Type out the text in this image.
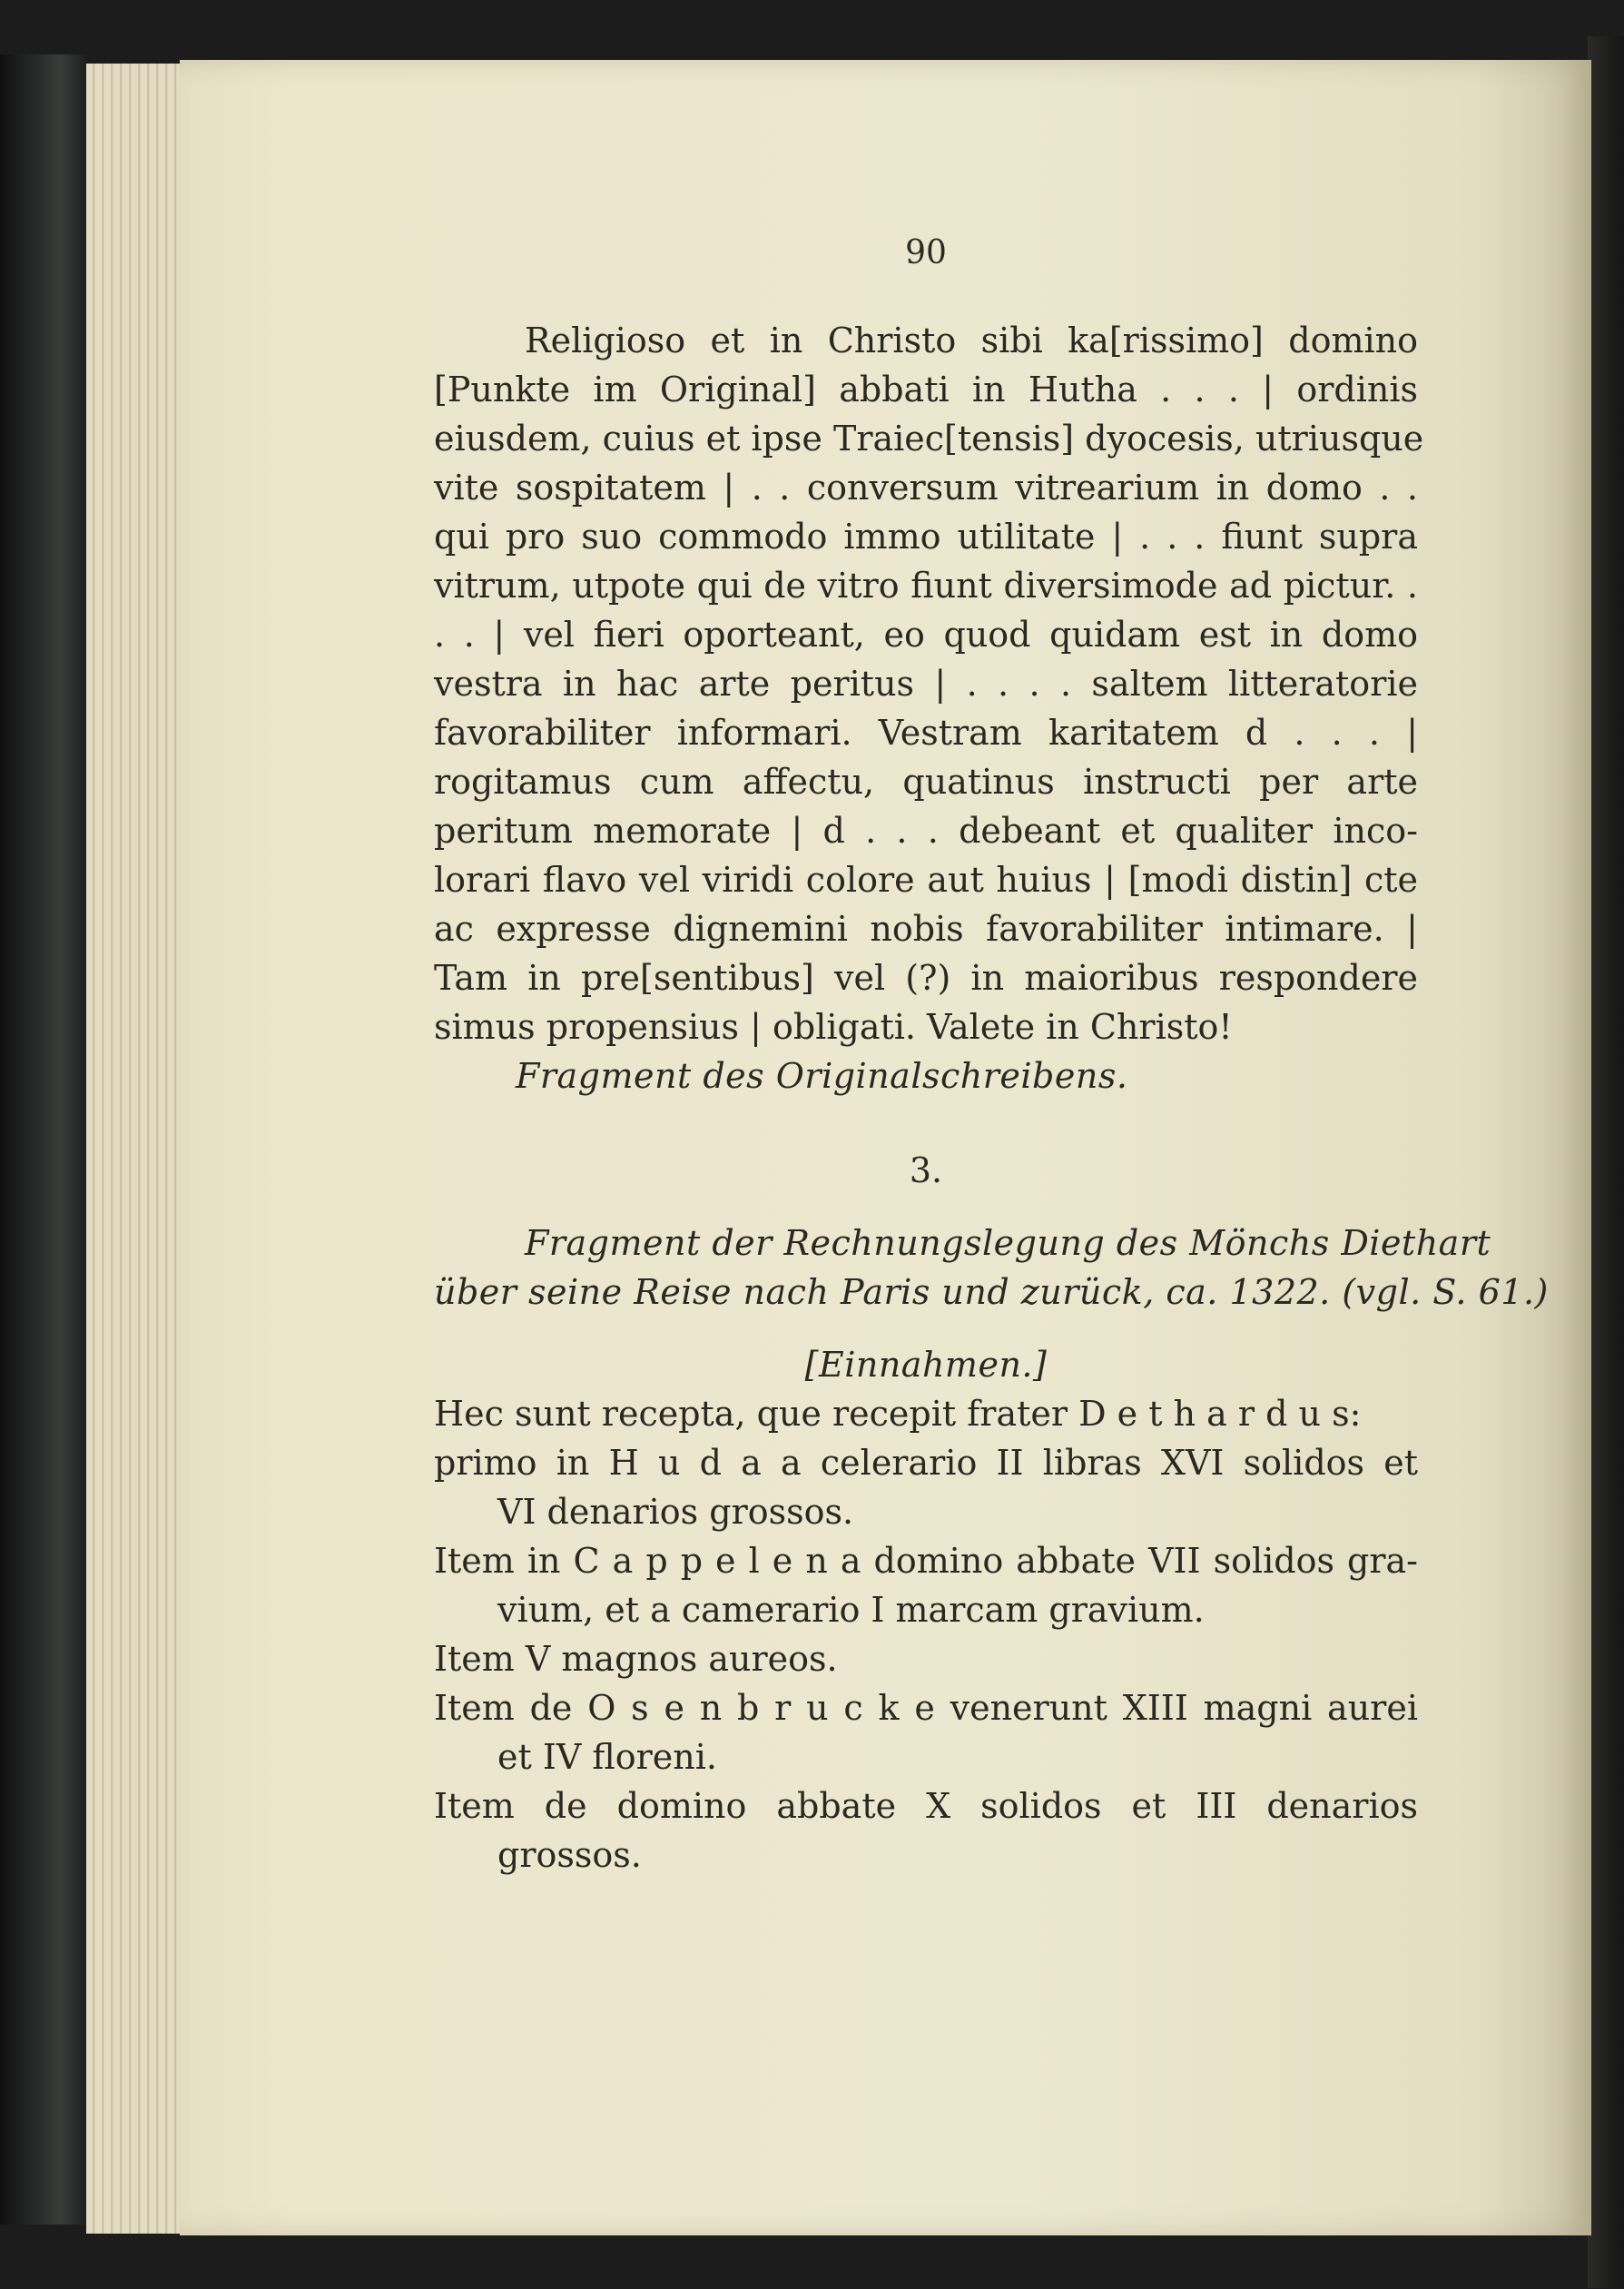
90
Religioso et in Christo sibi ka[rissimo] domino
[Punkte im Original] abbati in Hutha . . . | ordinis
eiusdem, cuius et ipse Traiec[tensis] dyocesis, utriusque
vite sospitatem | . . conversum vitrearium in domo . .
qui pro suo commodo immo utilitate | . . . fiunt supra
vitrum, utpote qui de vitro fiunt diversimode ad pictur. .
. . | vel fieri oporteant, eo quod quidam est in domo
vestra in hac arte peritus | . . . . saltem litteratorie
favorabiliter informari. Vestram karitatem d . . . |
rogitamus cum affectu, quatinus instructi per arte
peritum memorate | d . . . debeant et qualiter inco-
lorari flavo vel viridi colore aut huius | [modi distin] cte
ac expresse dignemini nobis favorabiliter intimare. |
Tam in pre[sentibus] vel (?) in maioribus respondere
simus propensius | obligati. Valete in Christo!
Fragment des Originalschreibens.
3.
Fragment der Rechnungslegung des Mönchs Diethart
über seine Reise nach Paris und zurück, ca. 1322. (vgl. S. 61.)
[Einnahmen.]
Hec sunt recepta, que recepit frater D e t h a r d u s:
primo in H u d a a celerario II libras XVI solidos et
VI denarios grossos.
Item in C a p p e l e n a domino abbate VII solidos gra-
vium, et a camerario I marcam gravium.
Item V magnos aureos.
Item de O s e n b r u c k e venerunt XIII magni aurei
et IV floreni.
Item de domino abbate X solidos et III denarios
grossos.
